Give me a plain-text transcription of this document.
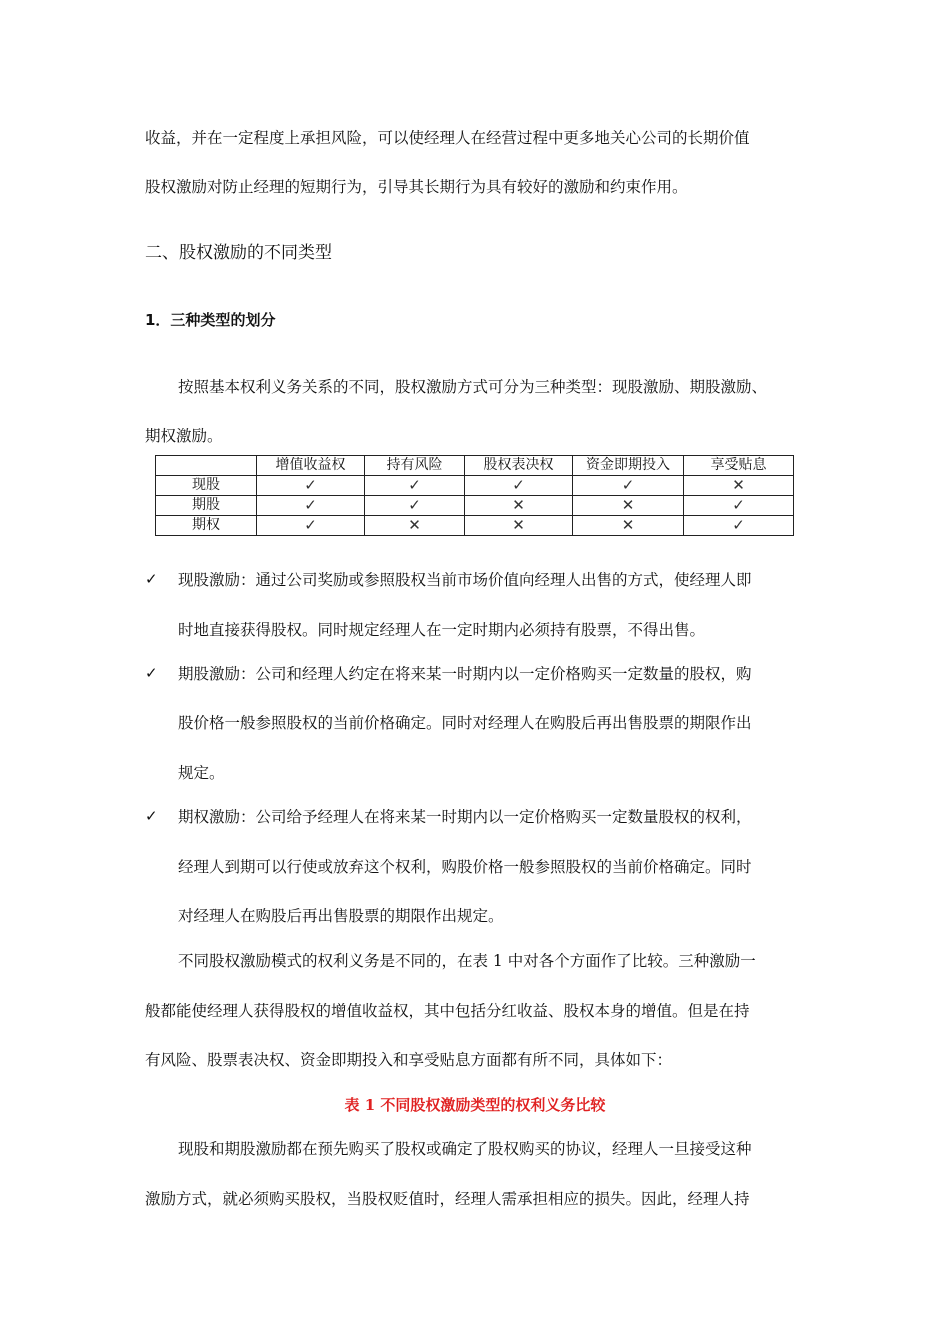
收益，并在一定程度上承担风险，可以使经理人在经营过程中更多地关心公司的长期价值
股权激励对防止经理的短期行为，引导其长期行为具有较好的激励和约束作用。
二、股权激励的不同类型
1．三种类型的划分
按照基本权利义务关系的不同，股权激励方式可分为三种类型：现股激励、期股激励、
期权激励。
	增值收益权	持有风险	股权表决权	资金即期投入	享受贴息
现股	✓	✓	✓	✓	✕
期股	✓	✓	✕	✕	✓
期权	✓	✕	✕	✕	✓
✓ 现股激励：通过公司奖励或参照股权当前市场价值向经理人出售的方式，使经理人即
时地直接获得股权。同时规定经理人在一定时期内必须持有股票，不得出售。
✓ 期股激励：公司和经理人约定在将来某一时期内以一定价格购买一定数量的股权，购
股价格一般参照股权的当前价格确定。同时对经理人在购股后再出售股票的期限作出
规定。
✓ 期权激励：公司给予经理人在将来某一时期内以一定价格购买一定数量股权的权利，
经理人到期可以行使或放弃这个权利，购股价格一般参照股权的当前价格确定。同时
对经理人在购股后再出售股票的期限作出规定。
不同股权激励模式的权利义务是不同的，在表 1 中对各个方面作了比较。三种激励一
般都能使经理人获得股权的增值收益权，其中包括分红收益、股权本身的增值。但是在持
有风险、股票表决权、资金即期投入和享受贴息方面都有所不同，具体如下：
表 1 不同股权激励类型的权利义务比较
现股和期股激励都在预先购买了股权或确定了股权购买的协议，经理人一旦接受这种
激励方式，就必须购买股权，当股权贬值时，经理人需承担相应的损失。因此，经理人持
